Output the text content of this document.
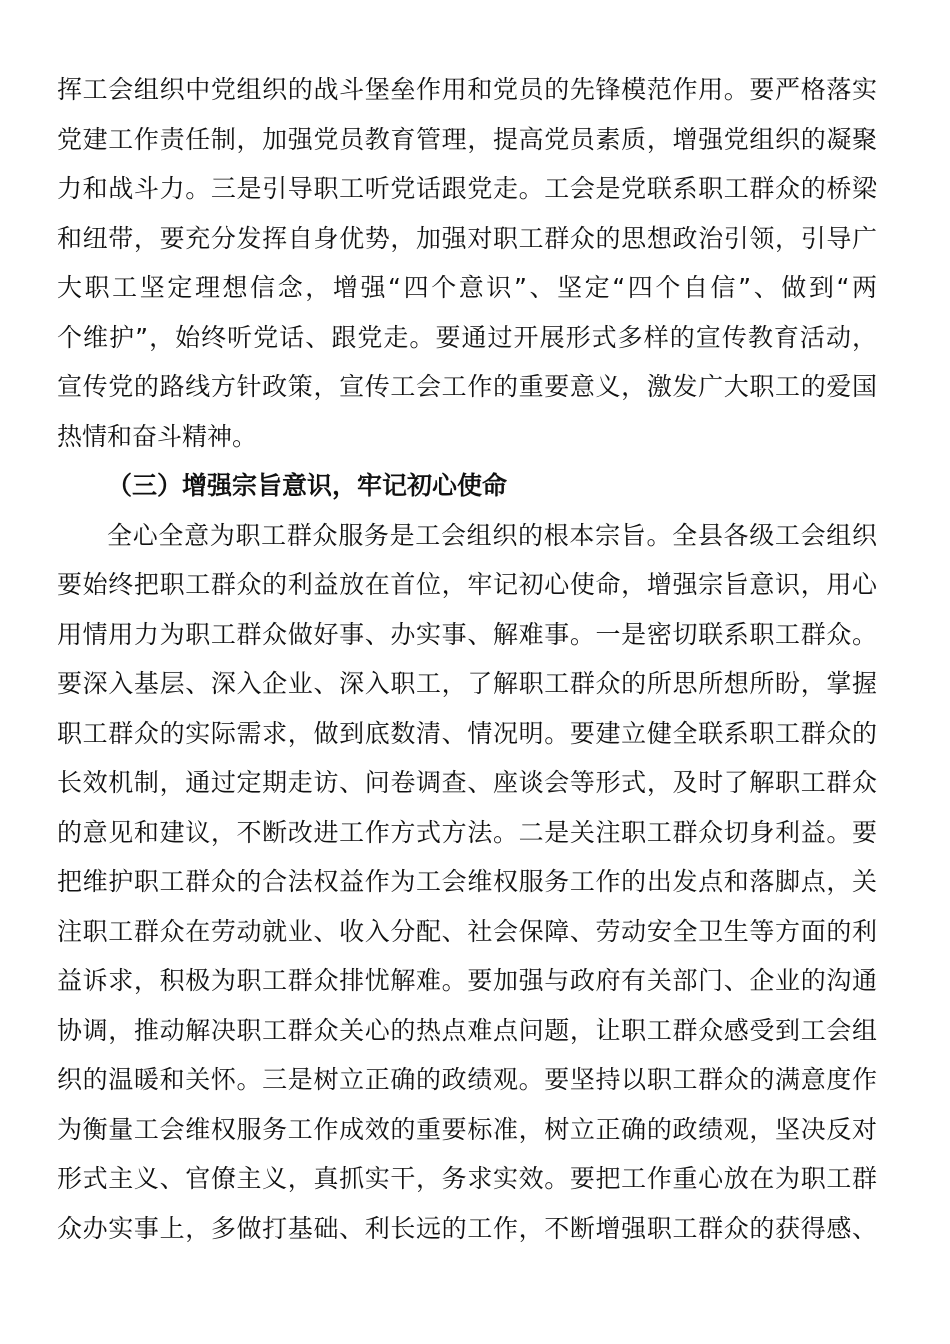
挥工会组织中党组织的战斗堡垒作用和党员的先锋模范作用。要严格落实
党建工作责任制，加强党员教育管理，提高党员素质，增强党组织的凝聚
力和战斗力。三是引导职工听党话跟党走。工会是党联系职工群众的桥梁
和纽带，要充分发挥自身优势，加强对职工群众的思想政治引领，引导广
大职工坚定理想信念，增强“四个意识”、坚定“四个自信”、做到“两
个维护”，始终听党话、跟党走。要通过开展形式多样的宣传教育活动，
宣传党的路线方针政策，宣传工会工作的重要意义，激发广大职工的爱国
热情和奋斗精神。
（三）增强宗旨意识，牢记初心使命
全心全意为职工群众服务是工会组织的根本宗旨。全县各级工会组织
要始终把职工群众的利益放在首位，牢记初心使命，增强宗旨意识，用心
用情用力为职工群众做好事、办实事、解难事。一是密切联系职工群众。
要深入基层、深入企业、深入职工，了解职工群众的所思所想所盼，掌握
职工群众的实际需求，做到底数清、情况明。要建立健全联系职工群众的
长效机制，通过定期走访、问卷调查、座谈会等形式，及时了解职工群众
的意见和建议，不断改进工作方式方法。二是关注职工群众切身利益。要
把维护职工群众的合法权益作为工会维权服务工作的出发点和落脚点，关
注职工群众在劳动就业、收入分配、社会保障、劳动安全卫生等方面的利
益诉求，积极为职工群众排忧解难。要加强与政府有关部门、企业的沟通
协调，推动解决职工群众关心的热点难点问题，让职工群众感受到工会组
织的温暖和关怀。三是树立正确的政绩观。要坚持以职工群众的满意度作
为衡量工会维权服务工作成效的重要标准，树立正确的政绩观，坚决反对
形式主义、官僚主义，真抓实干，务求实效。要把工作重心放在为职工群
众办实事上，多做打基础、利长远的工作，不断增强职工群众的获得感、
